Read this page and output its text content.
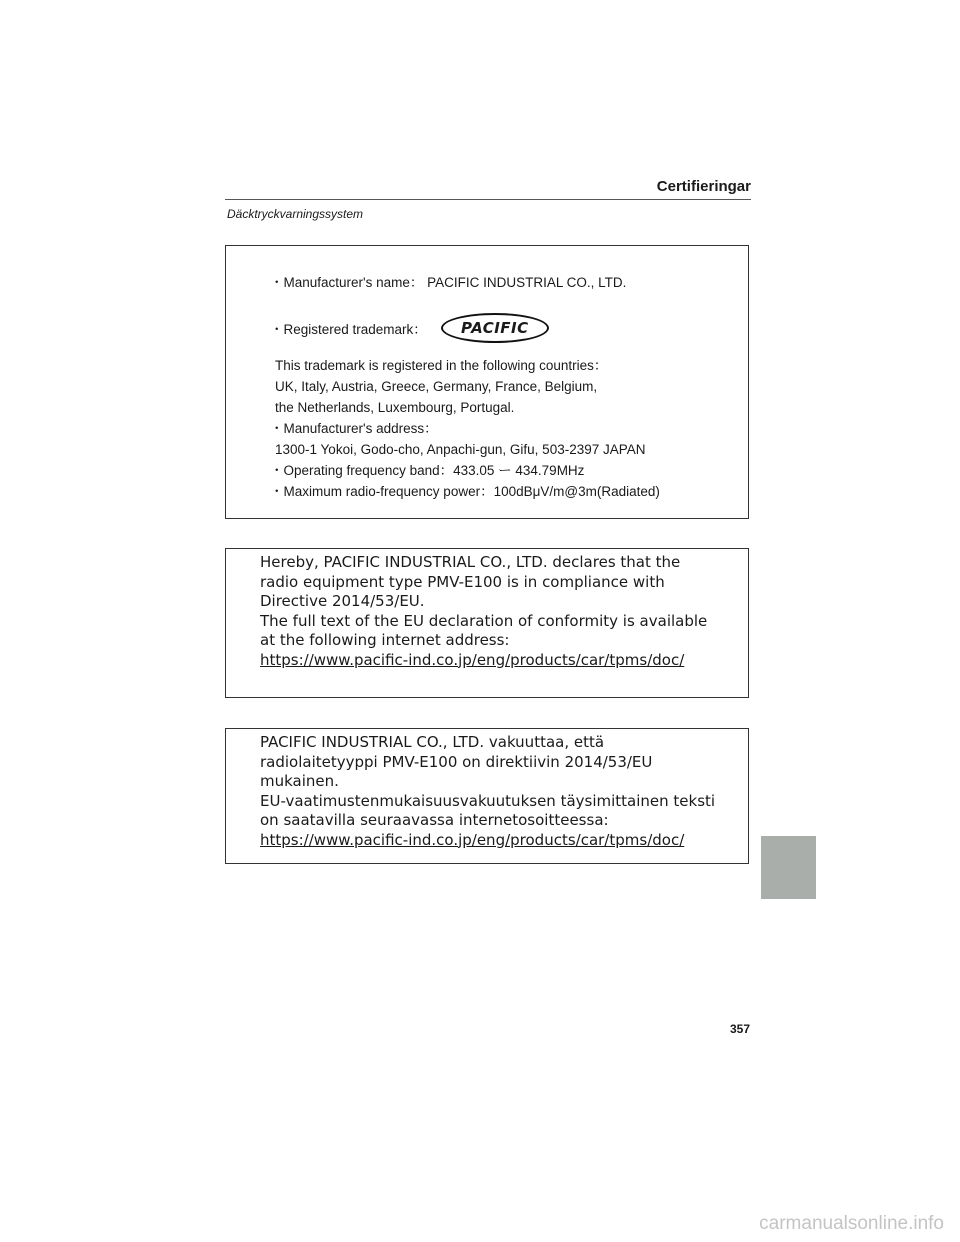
Certifieringar
Däcktryckvarningssystem
・Manufacturer's name： PACIFIC INDUSTRIAL CO., LTD.
・Registered trademark：	PACIFIC
This trademark is registered in the following countries：
UK, Italy, Austria, Greece, Germany, France, Belgium,
the Netherlands, Luxembourg, Portugal.
・Manufacturer's address：
1300-1 Yokoi, Godo-cho, Anpachi-gun, Gifu, 503-2397 JAPAN
・Operating frequency band：433.05 ー 434.79MHz
・Maximum radio-frequency power：100dBμV/m@3m(Radiated)
Hereby, PACIFIC INDUSTRIAL CO., LTD. declares that the
radio equipment type PMV-E100 is in compliance with
Directive 2014/53/EU.
The full text of the EU declaration of conformity is available
at the following internet address:
https://www.pacific-ind.co.jp/eng/products/car/tpms/doc/
PACIFIC INDUSTRIAL CO., LTD. vakuuttaa, että
radiolaitetyyppi PMV-E100 on direktiivin 2014/53/EU
mukainen.
EU-vaatimustenmukaisuusvakuutuksen täysimittainen teksti
on saatavilla seuraavassa internetosoitteessa:
https://www.pacific-ind.co.jp/eng/products/car/tpms/doc/
357
carmanualsonline.info
